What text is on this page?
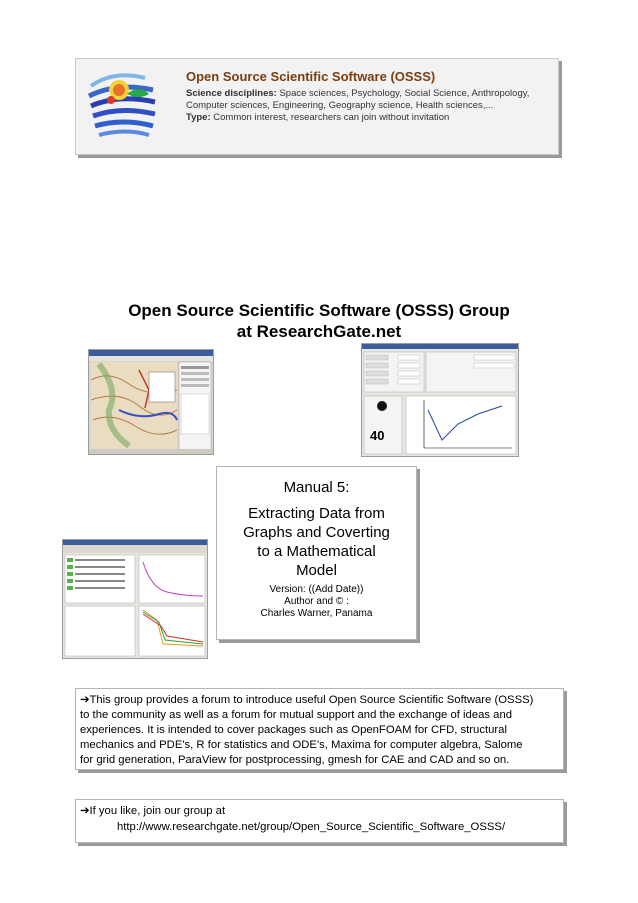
Open Source Scientific Software (OSSS)
Science disciplines: Space sciences, Psychology, Social Science, Anthropology,
Computer sciences, Engineering, Geography science, Health sciences,...
Type: Common interest, researchers can join without invitation
Open Source Scientific Software (OSSS) Group
at ResearchGate.net
40
Manual 5:
Extracting Data from
Graphs and Coverting
to a Mathematical
Model
Version: ((Add Date))
Author and © :
Charles Warner, Panama
➔This group provides a forum to introduce useful Open Source Scientific Software (OSSS)
to the community as well as a forum for mutual support and the exchange of ideas and
experiences. It is intended to cover packages such as OpenFOAM for CFD, structural
mechanics and PDE's, R for statistics and ODE's, Maxima for computer algebra, Salome
for grid generation, ParaView for postprocessing, gmesh for CAE and CAD and so on.
➔If you like, join our group at
http://www.researchgate.net/group/Open_Source_Scientific_Software_OSSS/
